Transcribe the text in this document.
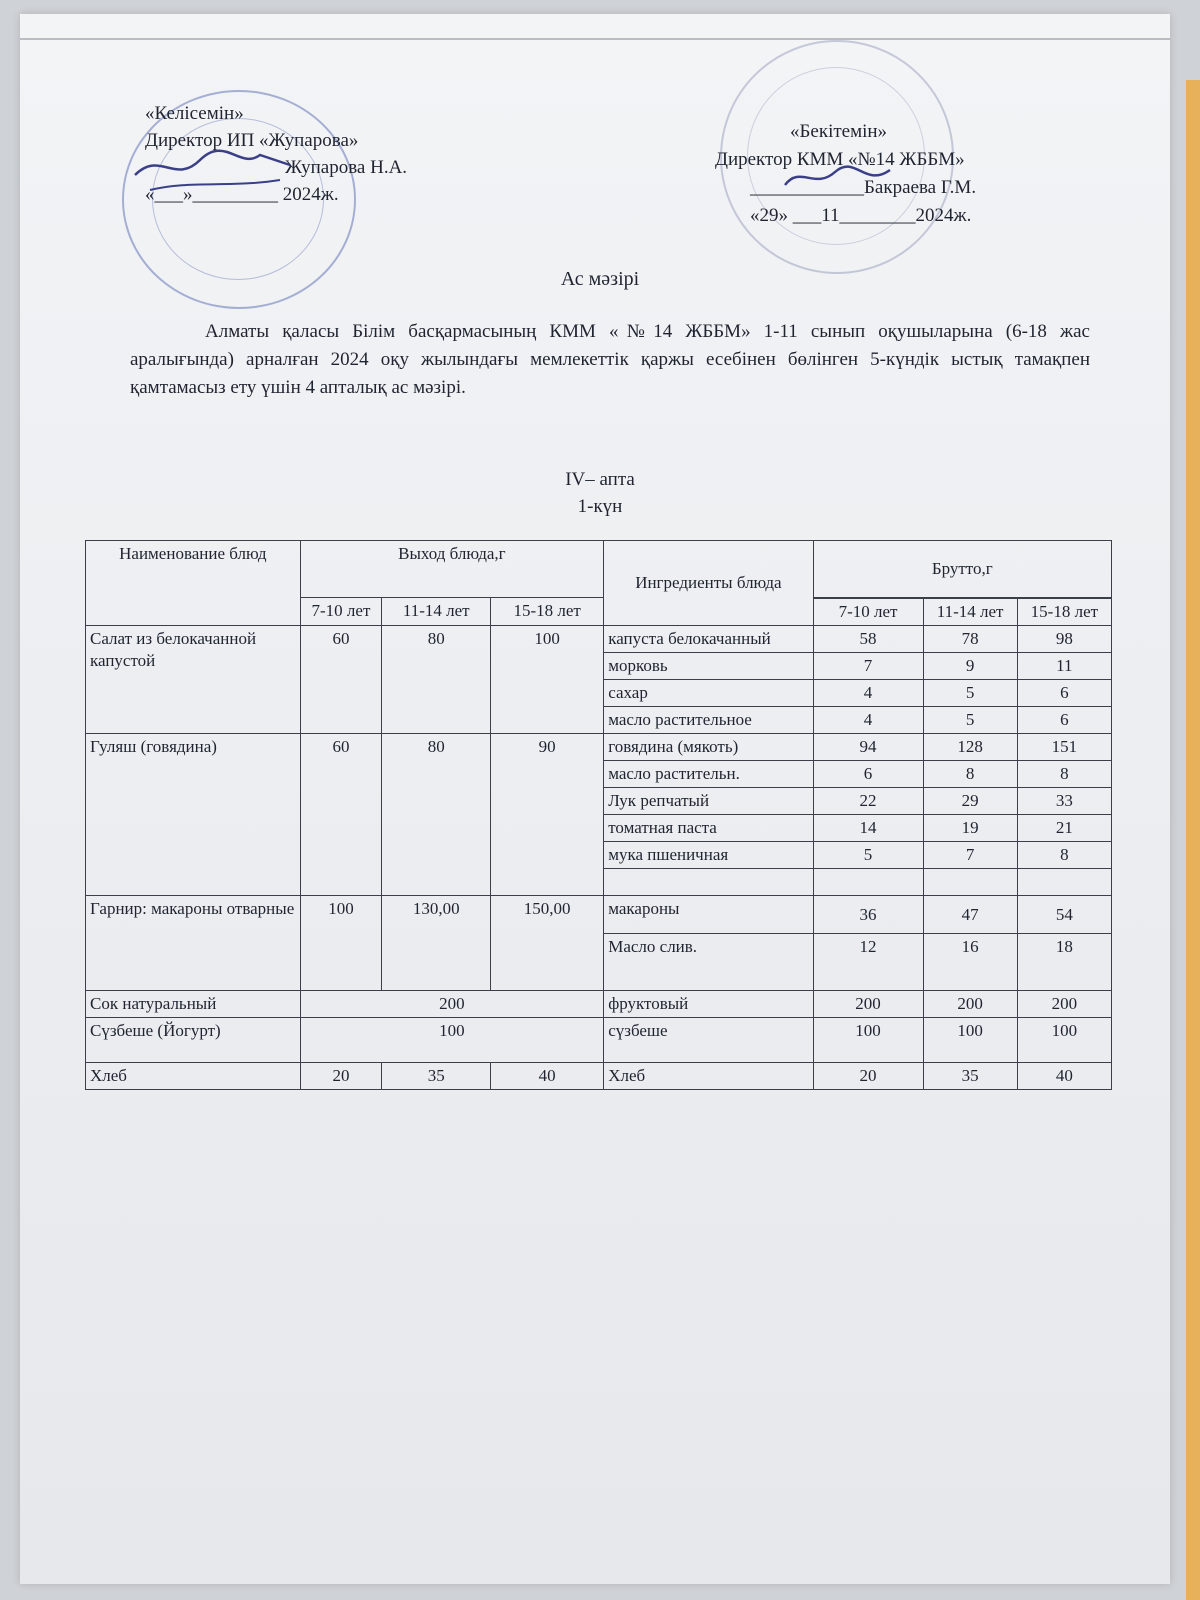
«Келісемін»
Директор ИП «Жупарова»
Жупарова Н.А.
«___»_________ 2024ж.
«Бекітемін»
Директор КММ «№14 ЖББМ»
____________Бакраева Г.М.
«29» ___11________2024ж.
Ас мәзірі
Алматы қаласы Білім басқармасының КММ «№14 ЖББМ» 1-11 сынып оқушыларына (6-18 жас аралығында) арналған 2024 оқу жылындағы мемлекеттік қаржы есебінен бөлінген 5-күндік ыстық тамақпен қамтамасыз ету үшін 4 апталық ас мәзірі.
IV– апта
1-күн
Наименование блюд	Выход блюда,г			Ингредиенты блюда	Брутто,г		
	7-10 лет	11-14 лет	15-18 лет				
					7-10 лет	11-14 лет	15-18 лет
Салат из белокачанной капустой	60	80	100	капуста белокачанный	58	78	98
				морковь	7	9	11
				сахар	4	5	6
				масло растительное	4	5	6
Гуляш (говядина)	60	80	90	говядина (мякоть)	94	128	151
				масло растительн.	6	8	8
				Лук репчатый	22	29	33
				томатная паста	14	19	21
				мука пшеничная	5	7	8

Гарнир: макароны отварные	100	130,00	150,00	макароны	36	47	54
				Масло слив.	12	16	18
Сок натуральный	200			фруктовый	200	200	200
Сүзбеше (Йогурт)	100			сүзбеше	100	100	100
Хлеб	20	35	40	Хлеб	20	35	40
